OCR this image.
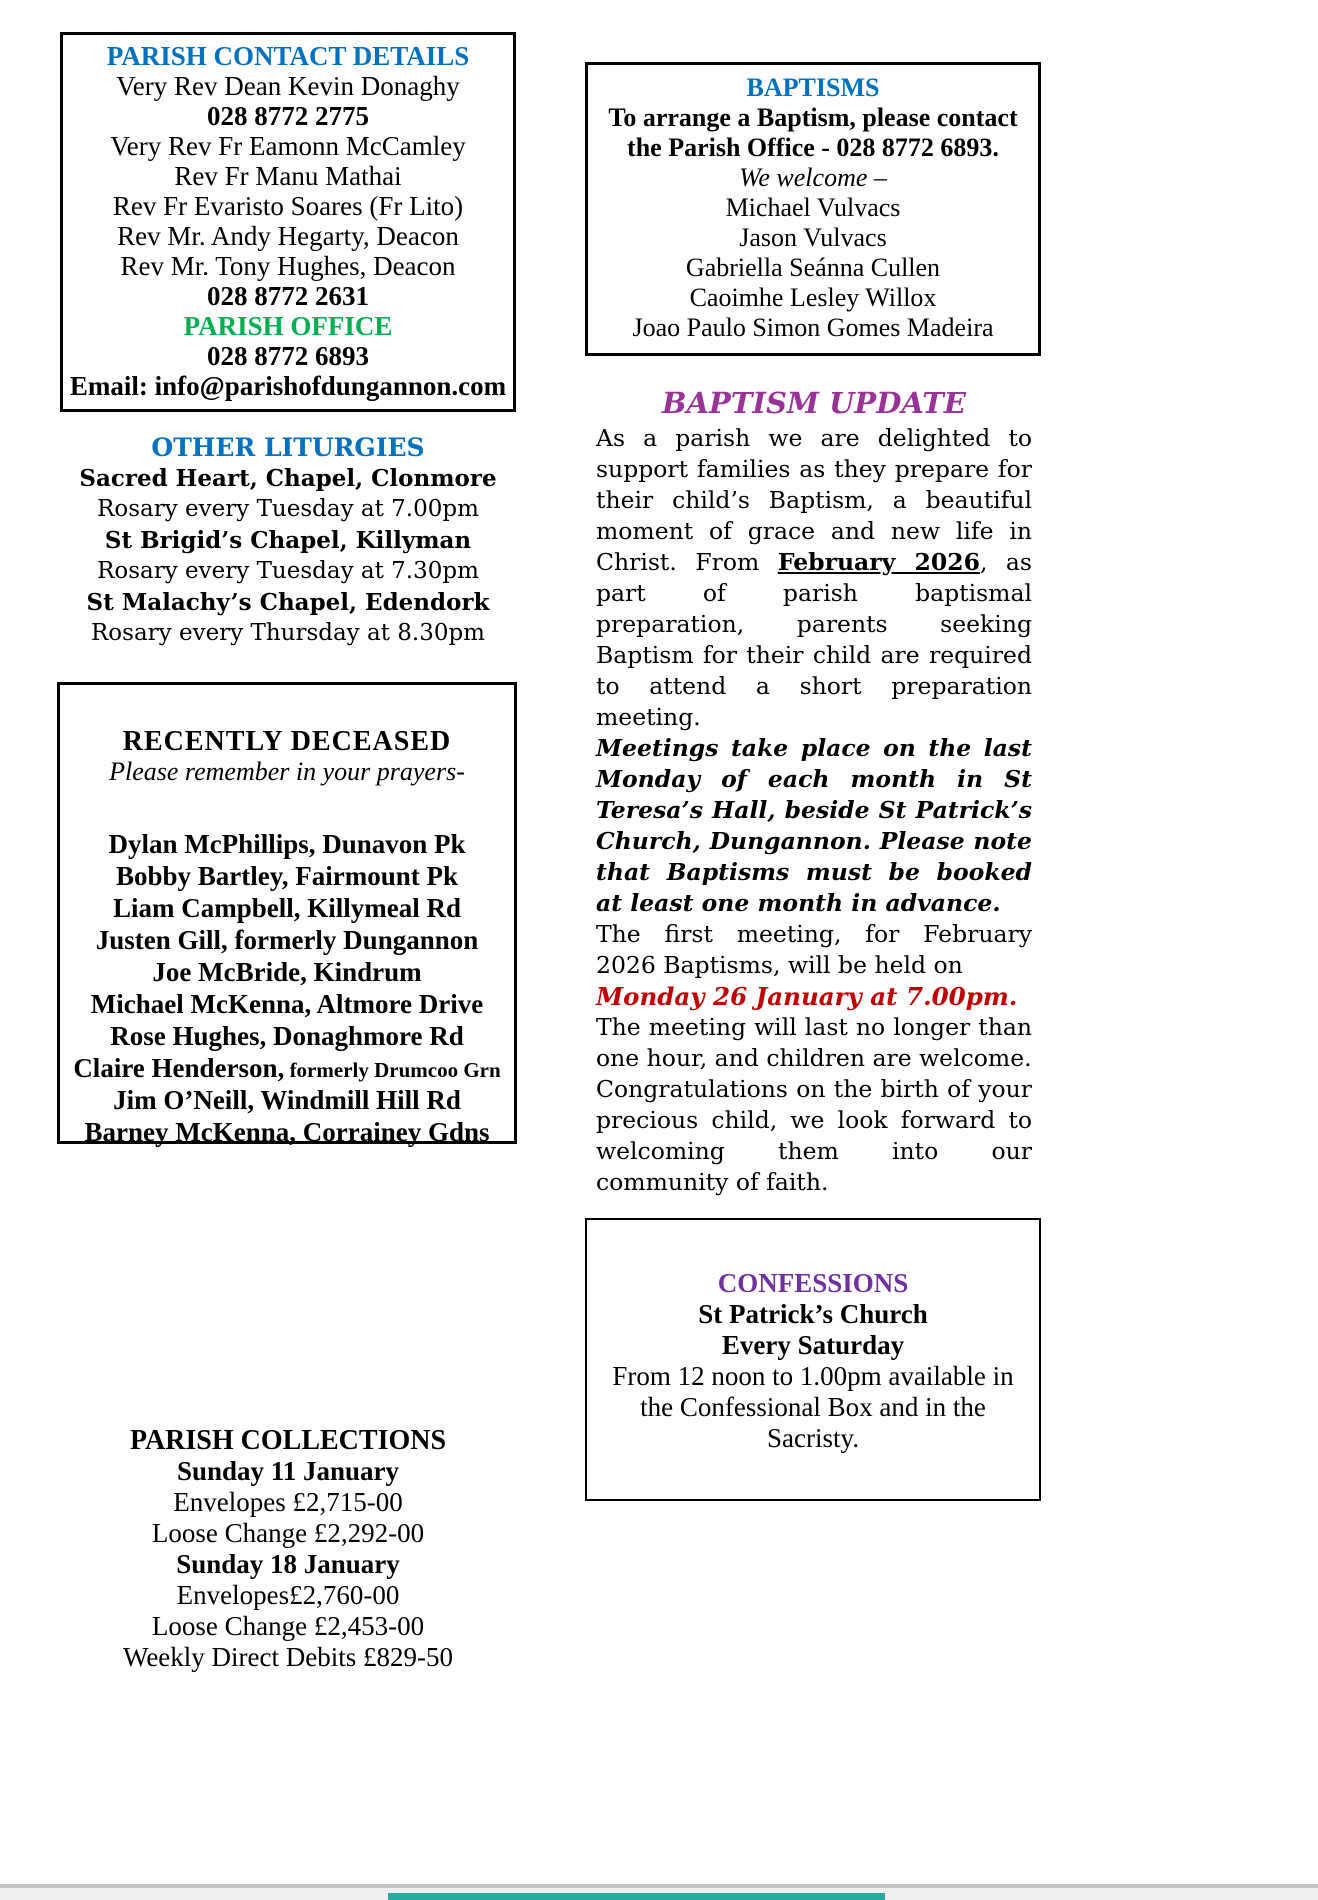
PARISH CONTACT DETAILS
Very Rev Dean Kevin Donaghy
028 8772 2775
Very Rev Fr Eamonn McCamley
Rev Fr Manu Mathai
Rev Fr Evaristo Soares (Fr Lito)
Rev Mr. Andy Hegarty, Deacon
Rev Mr. Tony Hughes, Deacon
028 8772 2631
PARISH OFFICE
028 8772 6893
Email: info@parishofdungannon.com
OTHER LITURGIES
Sacred Heart, Chapel, Clonmore
Rosary every Tuesday at 7.00pm
St Brigid’s Chapel, Killyman
Rosary every Tuesday at 7.30pm
St Malachy’s Chapel, Edendork
Rosary every Thursday at 8.30pm
RECENTLY DECEASED
Please remember in your prayers-
Dylan McPhillips, Dunavon Pk
Bobby Bartley, Fairmount Pk
Liam Campbell, Killymeal Rd
Justen Gill, formerly Dungannon
Joe McBride, Kindrum
Michael McKenna, Altmore Drive
Rose Hughes, Donaghmore Rd
Claire Henderson, formerly Drumcoo Grn
Jim O’Neill, Windmill Hill Rd
Barney McKenna, Corrainey Gdns
PARISH COLLECTIONS
Sunday 11 January
Envelopes £2,715-00
Loose Change £2,292-00
Sunday 18 January
Envelopes£2,760-00
Loose Change £2,453-00
Weekly Direct Debits £829-50
BAPTISMS
To arrange a Baptism, please contact the Parish Office - 028 8772 6893.
We welcome –
Michael Vulvacs
Jason Vulvacs
Gabriella Seánna Cullen
Caoimhe Lesley Willox
Joao Paulo Simon Gomes Madeira
BAPTISM UPDATE

As a parish we are delighted to support families as they prepare for their child’s Baptism, a beautiful moment of grace and new life in Christ. From February 2026, as part of parish baptismal preparation, parents seeking Baptism for their child are required to attend a short preparation meeting.

Meetings take place on the last Monday of each month in St Teresa’s Hall, beside St Patrick’s Church, Dungannon. Please note that Baptisms must be booked at least one month in advance.

The first meeting, for February 2026 Baptisms, will be held on

Monday 26 January at 7.00pm.

The meeting will last no longer than one hour, and children are welcome.

Congratulations on the birth of your precious child, we look forward to welcoming them into our community of faith.

CONFESSIONS
St Patrick’s Church
Every Saturday
From 12 noon to 1.00pm available in the Confessional Box and in the Sacristy.
